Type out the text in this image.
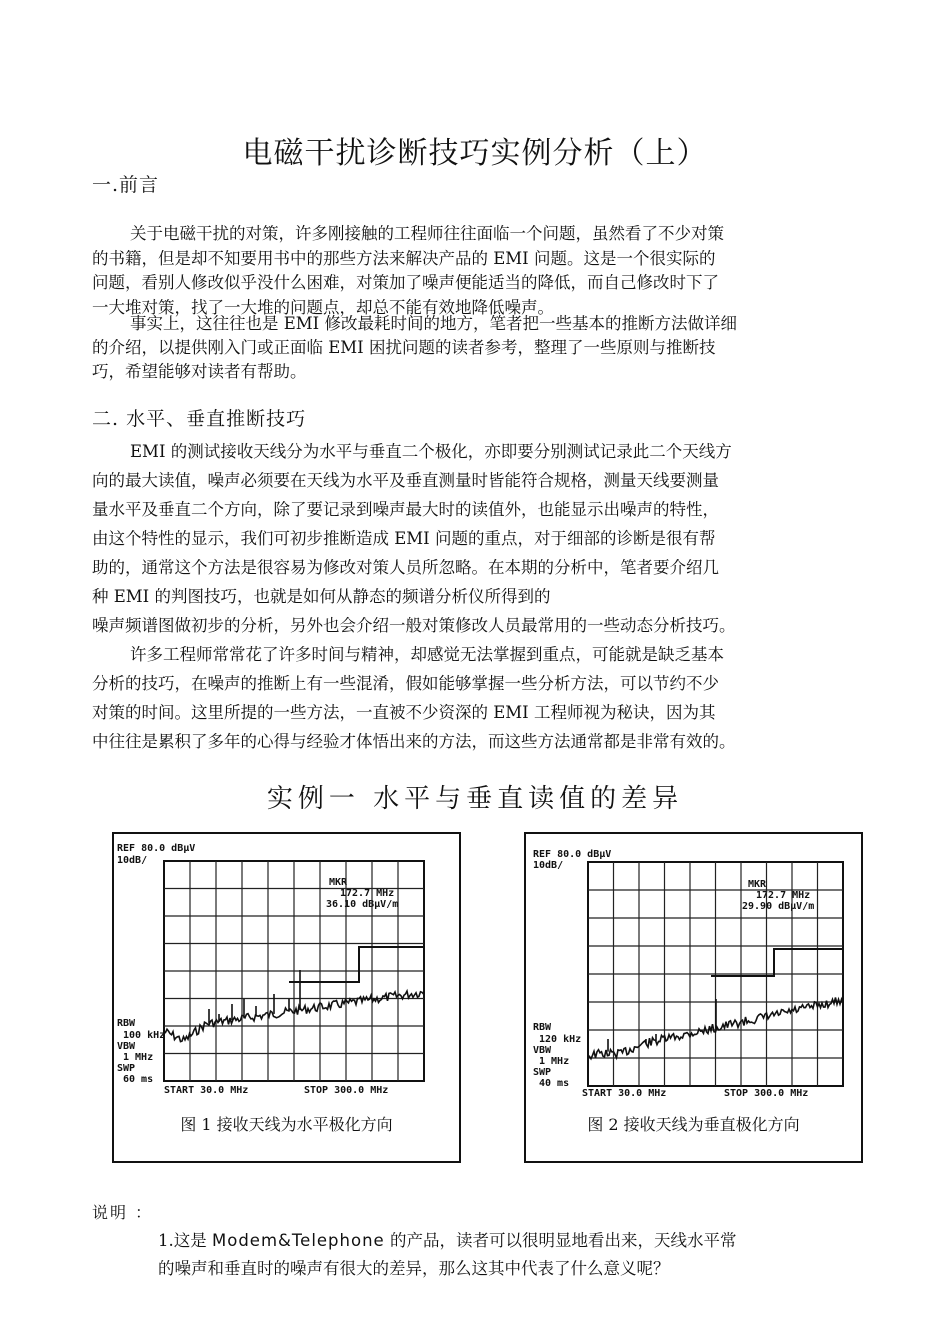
电磁干扰诊断技巧实例分析（上）
一.前言
关于电磁干扰的对策，许多刚接触的工程师往往面临一个问题，虽然看了不少对策
的书籍，但是却不知要用书中的那些方法来解决产品的 EMI 问题。这是一个很实际的
问题，看别人修改似乎没什么困难，对策加了噪声便能适当的降低，而自己修改时下了
一大堆对策，找了一大堆的问题点，却总不能有效地降低噪声。
事实上，这往往也是 EMI 修改最耗时间的地方，笔者把一些基本的推断方法做详细
的介绍，以提供刚入门或正面临 EMI 困扰问题的读者参考，整理了一些原则与推断技
巧，希望能够对读者有帮助。
二. 水平、垂直推断技巧
EMI 的测试接收天线分为水平与垂直二个极化，亦即要分别测试记录此二个天线方
向的最大读值，噪声必须要在天线为水平及垂直测量时皆能符合规格，测量天线要测量
量水平及垂直二个方向，除了要记录到噪声最大时的读值外，也能显示出噪声的特性，
由这个特性的显示，我们可初步推断造成 EMI 问题的重点，对于细部的诊断是很有帮
助的，通常这个方法是很容易为修改对策人员所忽略。在本期的分析中，笔者要介绍几
种 EMI 的判图技巧，也就是如何从静态的频谱分析仪所得到的
噪声频谱图做初步的分析，另外也会介绍一般对策修改人员最常用的一些动态分析技巧。
许多工程师常常花了许多时间与精神，却感觉无法掌握到重点，可能就是缺乏基本
分析的技巧，在噪声的推断上有一些混淆，假如能够掌握一些分析方法，可以节约不少
对策的时间。这里所提的一些方法，一直被不少资深的 EMI 工程师视为秘诀，因为其
中往往是累积了多年的心得与经验才体悟出来的方法，而这些方法通常都是非常有效的。
实例一 水平与垂直读值的差异
REF 80.0 dBμV
10dB/
MKR
172.7 MHz
36.10 dBμV/m
RBW
100 kHz
VBW
1 MHz
SWP
60 ms
START 30.0 MHz	STOP 300.0 MHz
图 1 接收天线为水平极化方向
REF 80.0 dBμV
10dB/
MKR
172.7 MHz
29.90 dBμV/m
RBW
120 kHz
VBW
1 MHz
SWP
40 ms
START 30.0 MHz	STOP 300.0 MHz
图 2 接收天线为垂直极化方向
说明 ：
1.这是 Modem&Telephone 的产品，读者可以很明显地看出来，天线水平常
的噪声和垂直时的噪声有很大的差异，那么这其中代表了什么意义呢？
